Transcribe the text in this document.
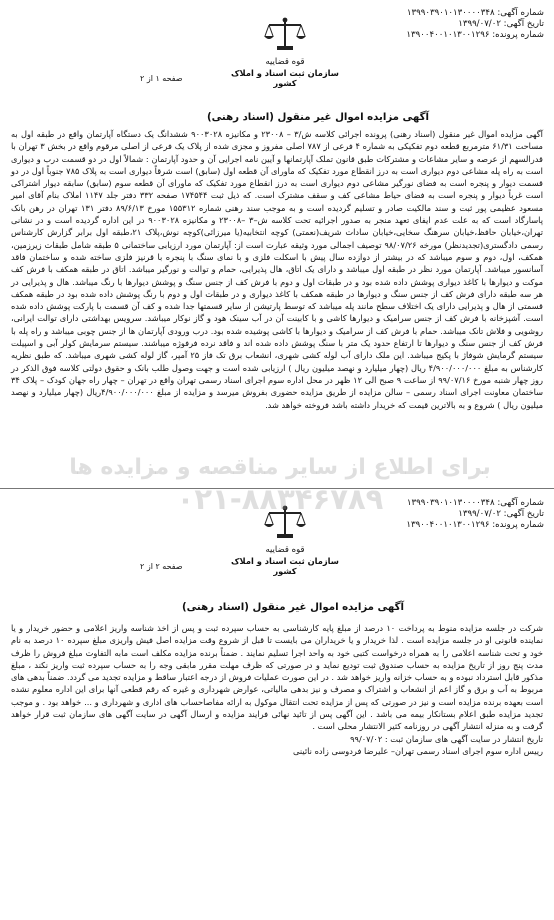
شماره آگهی: ۱۳۹۹۰۳۹۰۱۰۱۳۰۰۰۰۳۴۸
تاریخ آگهی: ۱۳۹۹/۰۷/۰۲
شماره پرونده: ۱۳۹۰۰۴۰۰۱۰۱۳۰۰۱۲۹۶
قوه قضاییه
سازمان ثبت اسناد و املاک کشور
صفحه ۱ از ۲
آگهی مزایده اموال غیر منقول (اسناد رهنی)

آگهی مزایده اموال غیر منقول (اسناد رهنی) پرونده اجرائی کلاسه ش/۳ – ۲۳۰۰۸ و مکانیزه ۹۰۰۳۰۲۸ ششدانگ یک دستگاه آپارتمان واقع در طبقه اول به مساحت ۶۱/۳۱ مترمربع قطعه دوم تفکیکی به شماره ۴ فرعی از ۷۸۷ اصلی مفروز و مجزی شده از پلاک یک فرعی از اصلی مرقوم واقع در بخش ۳ تهران با قدرالسهم از عرصه و سایر مشاعات و مشترکات طبق قانون تملک آپارتمانها و آیین نامه اجرایی آن و حدود آپارتمان : شمالاً اول در دو قسمت درب و دیواری است به راه پله مشاعی دوم دیواری است به درز انقطاع مورد تفکیک که ماورای آن قطعه اول (سابق) است شرقاً دیواری است به پلاک ۷۸۵ جنوباً اول در دو قسمت دیوار و پنجره است به فضای نورگیر مشاعی دوم دیواری است به درز انقطاع مورد تفکیک که ماورای آن قطعه سوم (سابق) سابقه دیوار اشتراکی است غرباً دیوار و پنجره است به فضای حیاط مشاعی کف و سقف مشترک است. که ذیل ثبت ۱۷۴۵۴۴ صفحه ۳۳۲ دفتر جلد ۱۱۴۷ املاک بنام آقای امیر مسعود عظیمی پور ثبت و سند مالکیت صادر و تسلیم گردیده است و به موجب سند رهنی شماره ۱۵۵۳۱۲ مورخ ۸۹/۶/۱۳ دفتر ۱۳۱ تهران در رهن بانک پاسارگاد است که به علت عدم ایفای تعهد منجر به صدور اجرائیه تحت کلاسه ش–۳ –۲۳۰۰۸ و مکانیزه ۹۰۰۳۰۲۸ در این اداره گردیده است و در نشانی تهران،خیابان حافظ،خیابان سرهنگ سخایی،خیابان سادات شریف(نعمتی) کوچه انتخابیه(یا میرزائی)کوچه نوش،پلاک ۲۱،طبقه اول برابر گزارش کارشناس رسمی دادگستری(تجدیدنظر) مورخه ۹۸/۰۷/۲۶ توصیف اجمالی مورد وثیقه عبارت است از: آپارتمان مورد ارزیابی ساختمانی ۵ طبقه شامل طبقات زیرزمین، همکف، اول، دوم و سوم میباشد که در بیشتر از دوازده سال پیش با اسکلت فلزی و با نمای سنگ با پنجره با قرنیز فلزی ساخته شده و ساختمان فاقد آسانسور میباشد. آپارتمان مورد نظر در طبقه اول میباشد و دارای یک اتاق، هال پذیرایی، حمام و توالت و نورگیر میباشد. اتاق در طبقه همکف با فرش کف موکت و دیوارها با کاغذ دیواری پوشش داده شده بود و در طبقات اول و دوم با فرش کف از جنس سنگ و پوشش دیوارها با رنگ میباشد. هال و پذیرایی در هر سه طبقه دارای فرش کف از جنس سنگ و دیوارها در طبقه همکف با کاغذ دیواری و در طبقات اول و دوم با رنگ پوشش داده شده بود در طبقه همکف قسمتی از هال و پذیرایی دارای یک اختلاف سطح مانند پله میباشد که توسط پارتیشن از سایر قسمتها جدا شده و کف آن قسمت با پارکت پوشش داده شده است. آشپزخانه با فرش کف از جنس سرامیک و دیوارها کاشی و با کابینت آن در آب سینک هود و گاز نوکار میباشد. سرویس بهداشتی دارای توالت ایرانی، روشویی و فلاش تانک میباشد. حمام با فرش کف از سرامیک و دیوارها با کاشی پوشیده شده بود. درب ورودی آپارتمان ها از جنس چوبی میباشد و راه پله با فرش کف از جنس سنگ و دیوارها تا ارتفاع حدود یک متر با سنگ پوشش داده شده اند و فاقد نرده فرفوژه میباشند. سیستم سرمایش کولر آبی و اسپیلت سیستم گرمایش شوفاژ با پکیج میباشد. این ملک دارای آب لوله کشی شهری، انشعاب برق تک فاز ۲۵ آمپر، گاز لوله کشی شهری میباشد. که طبق نظریه کارشناس به مبلغ ۴/۹۰۰/۰۰۰/۰۰۰ ریال (چهار میلیارد و نهصد میلیون ریال ) ارزیابی شده است و جهت وصول طلب بانک و حقوق دولتی کلاسه فوق الذکر در روز چهار شنبه مورخ ۹۹/۰۷/۱۶ از ساعت ۹ صبح الی ۱۲ ظهر در محل اداره سوم اجرای اسناد رسمی تهران واقع در تهران – چهار راه جهان کودک – پلاک ۳۴ ساختمان معاونت اجرای اسناد رسمی – سالن مزایده از طریق مزایده حضوری بفروش میرسد و مزایده از مبلغ ۴/۹۰۰/۰۰۰/۰۰۰ریال (چهار میلیارد و نهصد میلیون ریال ) شروع و به بالاترین قیمت که خریدار داشته باشد فروخته خواهد شد.

شماره آگهی: ۱۳۹۹۰۳۹۰۱۰۱۳۰۰۰۰۳۴۸
تاریخ آگهی: ۱۳۹۹/۰۷/۰۲
شماره پرونده: ۱۳۹۰۰۴۰۰۱۰۱۳۰۰۱۲۹۶
قوه قضاییه
سازمان ثبت اسناد و املاک کشور
صفحه ۲ از ۲
آگهی مزایده اموال غیر منقول (اسناد رهنی)

شرکت در جلسه مزایده منوط به پرداخت ۱۰ درصد از مبلغ پایه کارشناسی به حساب سپرده ثبت و پس از اخذ شناسه واریز اعلامی و حضور خریدار و یا نماینده قانونی او در جلسه مزایده است . لذا خریدار و یا خریداران می بایست تا قبل از شروع وقت مزایده اصل فیش واریزی مبلغ سپرده ۱۰ درصد به نام خود و تحت شناسه اعلامی را به همراه درخواست کتبی خود به واحد اجرا تسلیم نمایند . ضمناً برنده مزایده مکلف است مابه التفاوت مبلغ فروش را ظرف مدت پنج روز از تاریخ مزایده به حساب صندوق ثبت تودیع نماید و در صورتی که ظرف مهلت مقرر مابقی وجه را به حساب سپرده ثبت واریز نکند ، مبلغ مذکور قابل استرداد نبوده و به حساب خزانه واریز خواهد شد . در این صورت عملیات فروش از درجه اعتبار ساقط و مزایده تجدید می گردد. ضمناً بدهی های مربوط به آب و برق و گاز اعم از انشعاب و اشتراک و مصرف و نیز بدهی مالیاتی، عوارض شهرداری و غیره که رقم قطعی آنها برای این اداره معلوم نشده است بعهده برنده مزایده است و نیز در صورتی که پس از مزایده تحت انتقال موکول به ارائه مفاصاحساب های اداری و شهرداری و ... خواهد بود . و موجب تجدید مزایده طبق اعلام بستانکار بیمه می باشد . این آگهی پس از تائید نهائی فرایند مزایده و ارسال آگهی در سایت آگهی های سازمان ثبت قرار خواهد گرفت و به منزله انتشار آگهی در روزنامه کثیر الانتشار محلی است .

تاریخ انتشار در سایت آگهی های سازمان ثبت : ۹۹/۰۷/۰۲

رییس اداره سوم اجرای اسناد رسمی تهران– علیرضا فردوسی زاده نائینی

برای اطلاع از سایر مناقصه و مزایده ها
۰۲۱-۸۸۳۴۶۷۸۹
